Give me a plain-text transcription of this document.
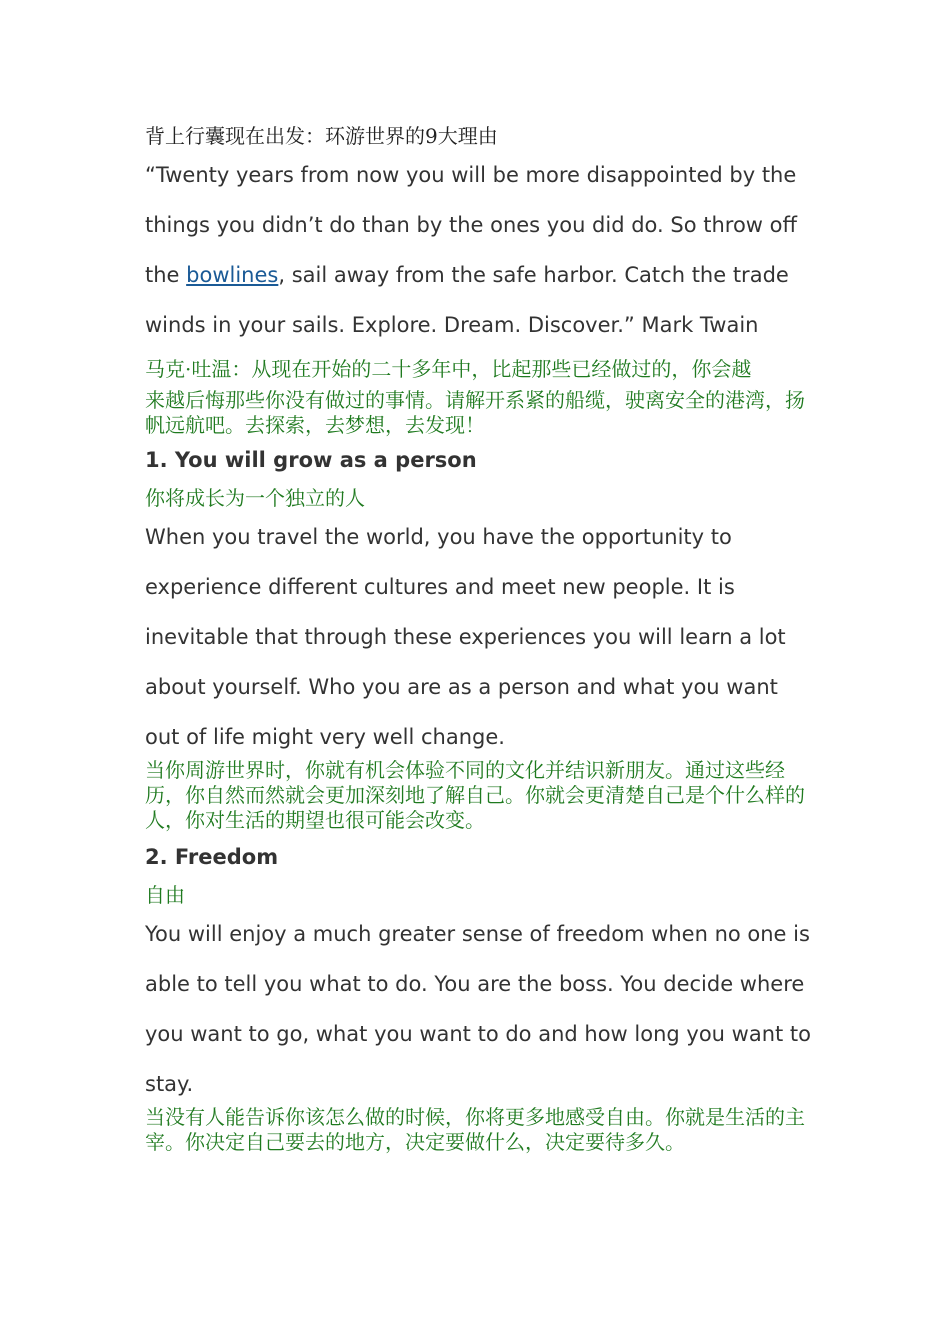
背上行囊现在出发：环游世界的9大理由

“Twenty years from now you will be more disappointed by the things you didn’t do than by the ones you did do. So throw off the bowlines, sail away from the safe harbor. Catch the trade winds in your sails. Explore. Dream. Discover.” Mark Twain

马克·吐温：从现在开始的二十多年中，比起那些已经做过的，你会越
来越后悔那些你没有做过的事情。请解开系紧的船缆，驶离安全的港湾，扬帆远航吧。去探索，去梦想，去发现！

1. You will grow as a person

你将成长为一个独立的人

When you travel the world, you have the opportunity to experience different cultures and meet new people. It is inevitable that through these experiences you will learn a lot about yourself. Who you are as a person and what you want out of life might very well change.

当你周游世界时，你就有机会体验不同的文化并结识新朋友。通过这些经历，你自然而然就会更加深刻地了解自己。你就会更清楚自己是个什么样的人，你对生活的期望也很可能会改变。

2. Freedom

自由

You will enjoy a much greater sense of freedom when no one is able to tell you what to do. You are the boss. You decide where you want to go, what you want to do and how long you want to stay.

当没有人能告诉你该怎么做的时候，你将更多地感受自由。你就是生活的主宰。你决定自己要去的地方，决定要做什么，决定要待多久。
